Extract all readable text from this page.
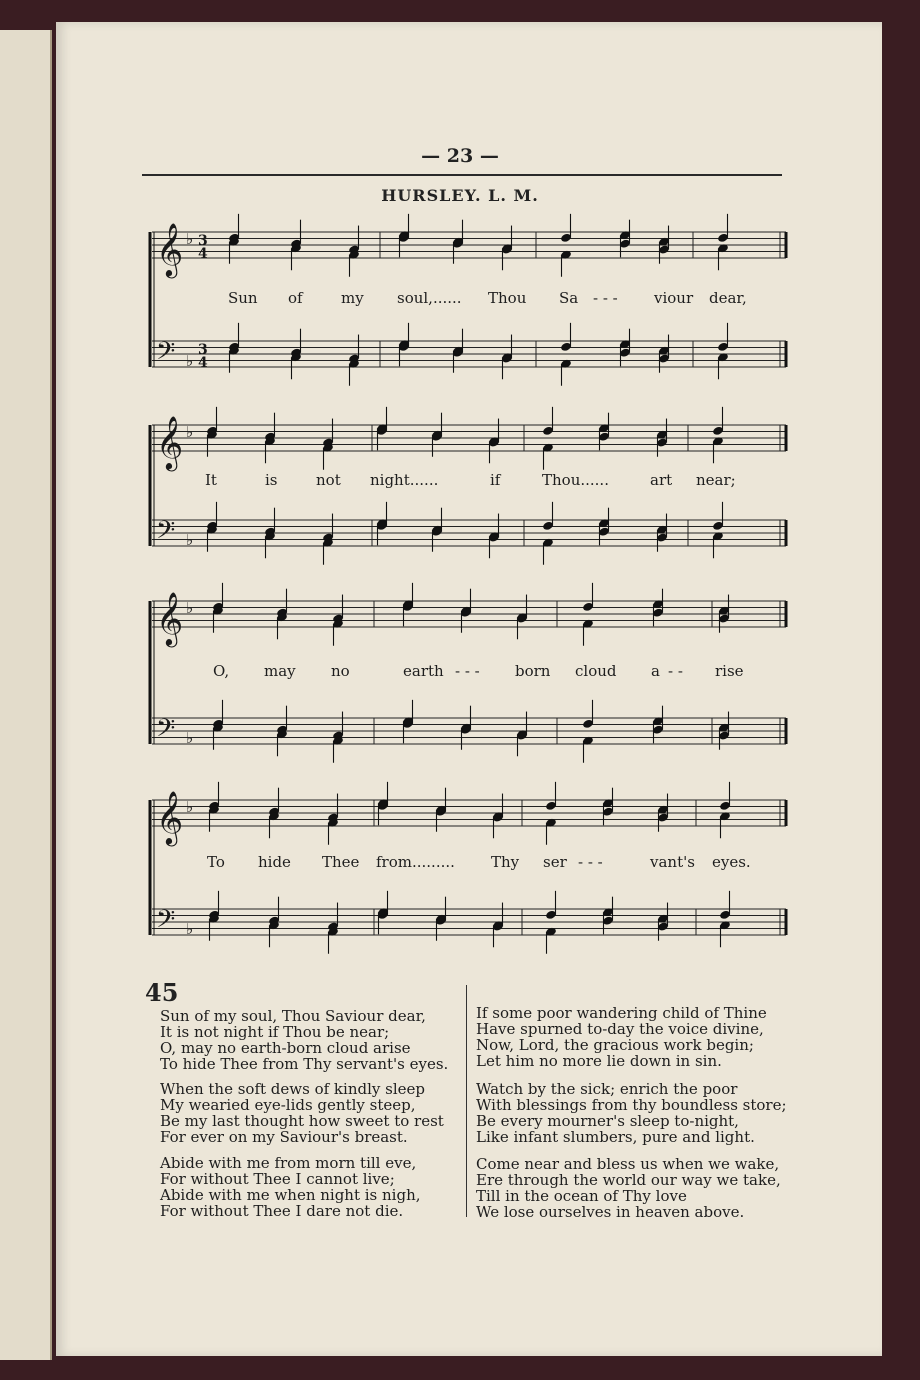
— 23 —
HURSLEY. L. M.
𝄞 ♭ 3
4
𝄢 ♭
3
4
𝄞 ♭
𝄢 ♭
𝄞 ♭
𝄢 ♭
𝄞 ♭
𝄢 ♭
Sun of	my soul,...... Thou Sa - - - viour dear,
It	is	not night......	if	Thou......	art near;
O, may no	earth - - - born cloud a - - rise
To hide Thee from......... Thy ser - - -	vant's eyes.
45
Sun of my soul, Thou Saviour dear,
It is not night if Thou be near;
O, may no earth-born cloud arise
To hide Thee from Thy servant's eyes.
When the soft dews of kindly sleep
My wearied eye-lids gently steep,
Be my last thought how sweet to rest
For ever on my Saviour's breast.
Abide with me from morn till eve,
For without Thee I cannot live;
Abide with me when night is nigh,
For without Thee I dare not die.
If some poor wandering child of Thine
Have spurned to-day the voice divine,
Now, Lord, the gracious work begin;
Let him no more lie down in sin.
Watch by the sick; enrich the poor
With blessings from thy boundless store;
Be every mourner's sleep to-night,
Like infant slumbers, pure and light.
Come near and bless us when we wake,
Ere through the world our way we take,
Till in the ocean of Thy love
We lose ourselves in heaven above.
